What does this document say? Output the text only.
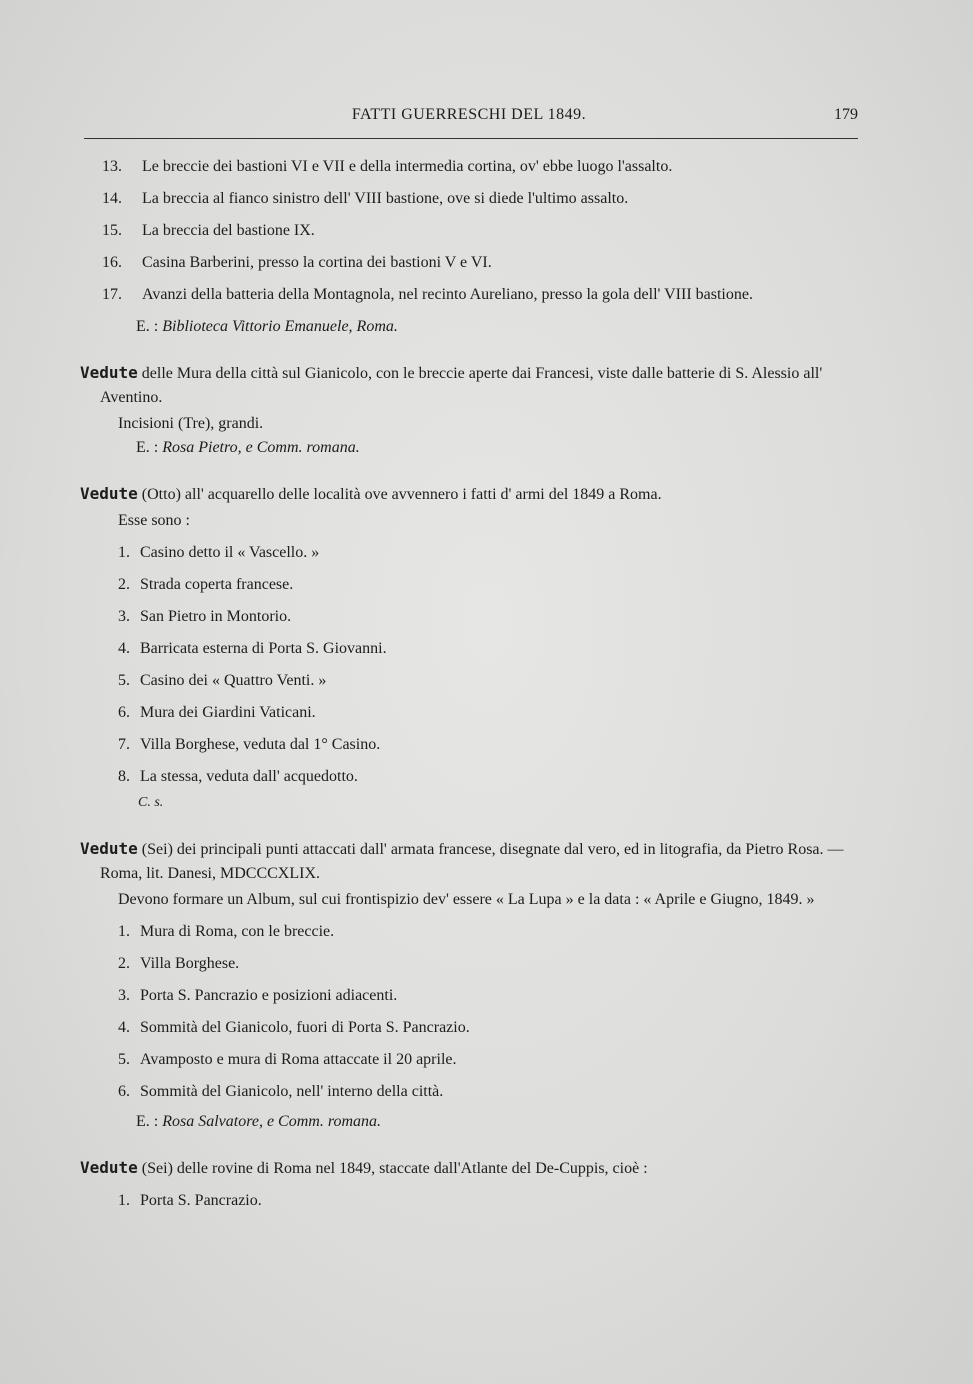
FATTI GUERRESCHI DEL 1849.	179
13.	Le breccie dei bastioni VI e VII e della intermedia cortina, ov' ebbe luogo l'assalto.
14.	La breccia al fianco sinistro dell' VIII bastione, ove si diede l'ultimo assalto.
15.	La breccia del bastione IX.
16.	Casina Barberini, presso la cortina dei bastioni V e VI.
17.	Avanzi della batteria della Montagnola, nel recinto Aureliano, presso la gola dell' VIII bastione.
E. : Biblioteca Vittorio Emanuele, Roma.
Vedute delle Mura della città sul Gianicolo, con le breccie aperte dai Francesi, viste dalle batterie di S. Alessio all' Aventino.
Incisioni (Tre), grandi.
E. : Rosa Pietro, e Comm. romana.
Vedute (Otto) all' acquarello delle località ove avvennero i fatti d' armi del 1849 a Roma.
Esse sono :
1. Casino detto il « Vascello. »
2. Strada coperta francese.
3. San Pietro in Montorio.
4. Barricata esterna di Porta S. Giovanni.
5. Casino dei « Quattro Venti. »
6. Mura dei Giardini Vaticani.
7. Villa Borghese, veduta dal 1° Casino.
8. La stessa, veduta dall' acquedotto.
C. s.
Vedute (Sei) dei principali punti attaccati dall' armata francese, disegnate dal vero, ed in litografia, da Pietro Rosa. — Roma, lit. Danesi, MDCCCXLIX.
Devono formare un Album, sul cui frontispizio dev' essere « La Lupa » e la data : « Aprile e Giugno, 1849. »
1. Mura di Roma, con le breccie.
2. Villa Borghese.
3. Porta S. Pancrazio e posizioni adiacenti.
4. Sommità del Gianicolo, fuori di Porta S. Pancrazio.
5. Avamposto e mura di Roma attaccate il 20 aprile.
6. Sommità del Gianicolo, nell' interno della città.
E. : Rosa Salvatore, e Comm. romana.
Vedute (Sei) delle rovine di Roma nel 1849, staccate dall'Atlante del De-Cuppis, cioè :
1. Porta S. Pancrazio.
